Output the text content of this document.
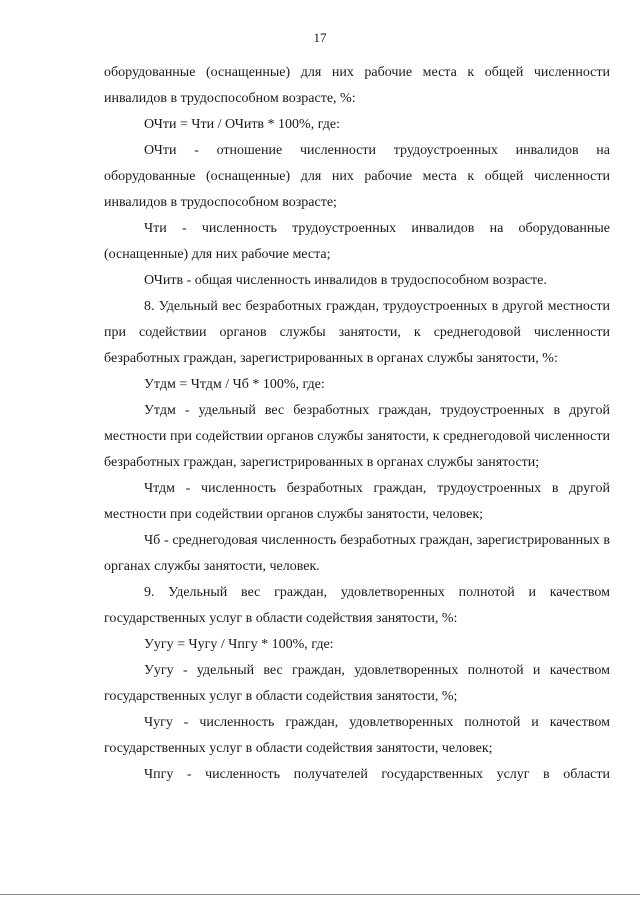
17

оборудованные (оснащенные) для них рабочие места к общей численности инвалидов в трудоспособном возрасте, %:

ОЧти = Чти / ОЧитв * 100%, где:

ОЧти - отношение численности трудоустроенных инвалидов на оборудованные (оснащенные) для них рабочие места к общей численности инвалидов в трудоспособном возрасте;

Чти - численность трудоустроенных инвалидов на оборудованные (оснащенные) для них рабочие места;

ОЧитв - общая численность инвалидов в трудоспособном возрасте.

8. Удельный вес безработных граждан, трудоустроенных в другой местности при содействии органов службы занятости, к среднегодовой численности безработных граждан, зарегистрированных в органах службы занятости, %:

Утдм = Чтдм / Чб * 100%, где:

Утдм - удельный вес безработных граждан, трудоустроенных в другой местности при содействии органов службы занятости, к среднегодовой численности безработных граждан, зарегистрированных в органах службы занятости;

Чтдм - численность безработных граждан, трудоустроенных в другой местности при содействии органов службы занятости, человек;

Чб - среднегодовая численность безработных граждан, зарегистрированных в органах службы занятости, человек.

9. Удельный вес граждан, удовлетворенных полнотой и качеством государственных услуг в области содействия занятости, %:

Уугу = Чугу / Чпгу * 100%, где:

Уугу - удельный вес граждан, удовлетворенных полнотой и качеством государственных услуг в области содействия занятости, %;

Чугу - численность граждан, удовлетворенных полнотой и качеством государственных услуг в области содействия занятости, человек;

Чпгу - численность получателей государственных услуг в области
